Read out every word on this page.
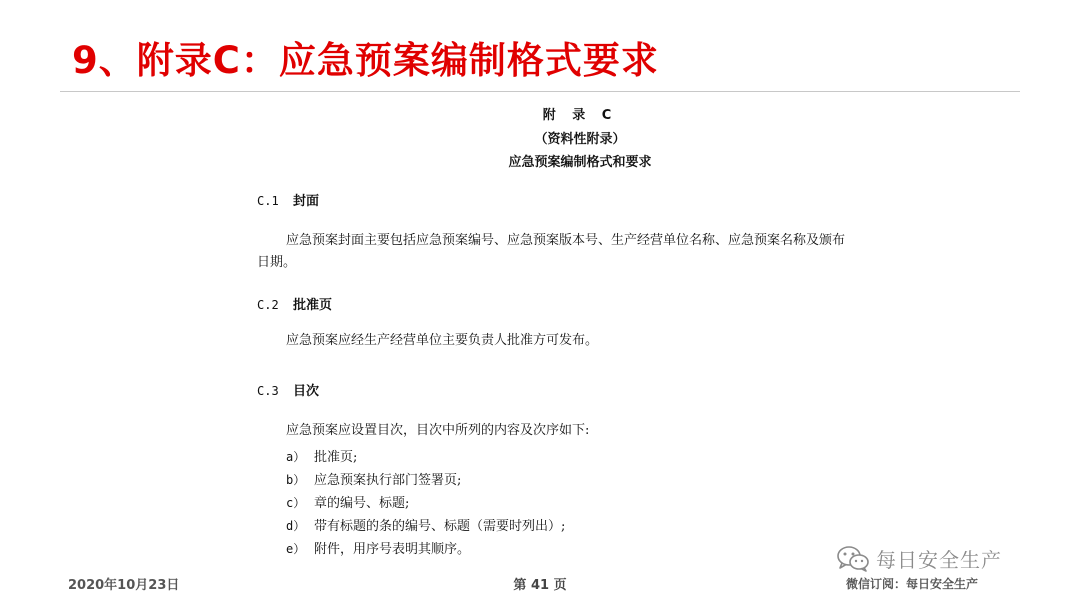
9、附录C：应急预案编制格式要求
附 录 C
（资料性附录）
应急预案编制格式和要求
C.1 封面
应急预案封面主要包括应急预案编号、应急预案版本号、生产经营单位名称、应急预案名称及颁布
日期。
C.2 批准页
应急预案应经生产经营单位主要负责人批准方可发布。
C.3 目次
应急预案应设置目次，目次中所列的内容及次序如下:
a） 批准页;
b） 应急预案执行部门签署页;
c） 章的编号、标题;
d） 带有标题的条的编号、标题（需要时列出）;
e） 附件，用序号表明其顺序。
2020年10月23日	第 41 页
每日安全生产
微信订阅：每日安全生产
